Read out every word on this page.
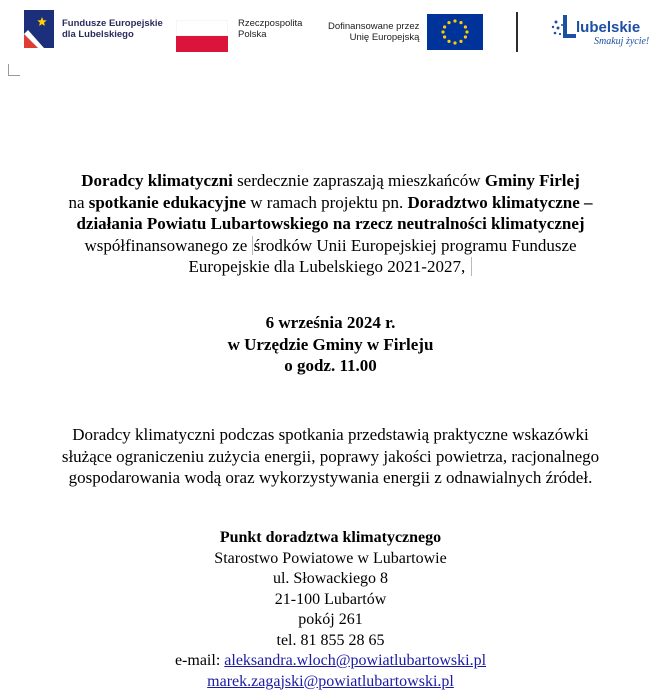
Fundusze Europejskie
dla Lubelskiego
Rzeczpospolita
Polska
Dofinansowane przez
Unię Europejską
lubelskie
Smakuj życie!
Doradcy klimatyczni serdecznie zapraszają mieszkańców Gminy Firlej
na spotkanie edukacyjne w ramach projektu pn. Doradztwo klimatyczne –
działania Powiatu Lubartowskiego na rzecz neutralności klimatycznej
współfinansowanego ze środków Unii Europejskiej programu Fundusze
Europejskie dla Lubelskiego 2021-2027,
6 września 2024 r.
w Urzędzie Gminy w Firleju
o godz. 11.00
Doradcy klimatyczni podczas spotkania przedstawią praktyczne wskazówki
służące ograniczeniu zużycia energii, poprawy jakości powietrza, racjonalnego
gospodarowania wodą oraz wykorzystywania energii z odnawialnych źródeł.
Punkt doradztwa klimatycznego
Starostwo Powiatowe w Lubartowie
ul. Słowackiego 8
21-100 Lubartów
pokój 261
tel. 81 855 28 65
e-mail: aleksandra.wloch@powiatlubartowski.pl
marek.zagajski@powiatlubartowski.pl
